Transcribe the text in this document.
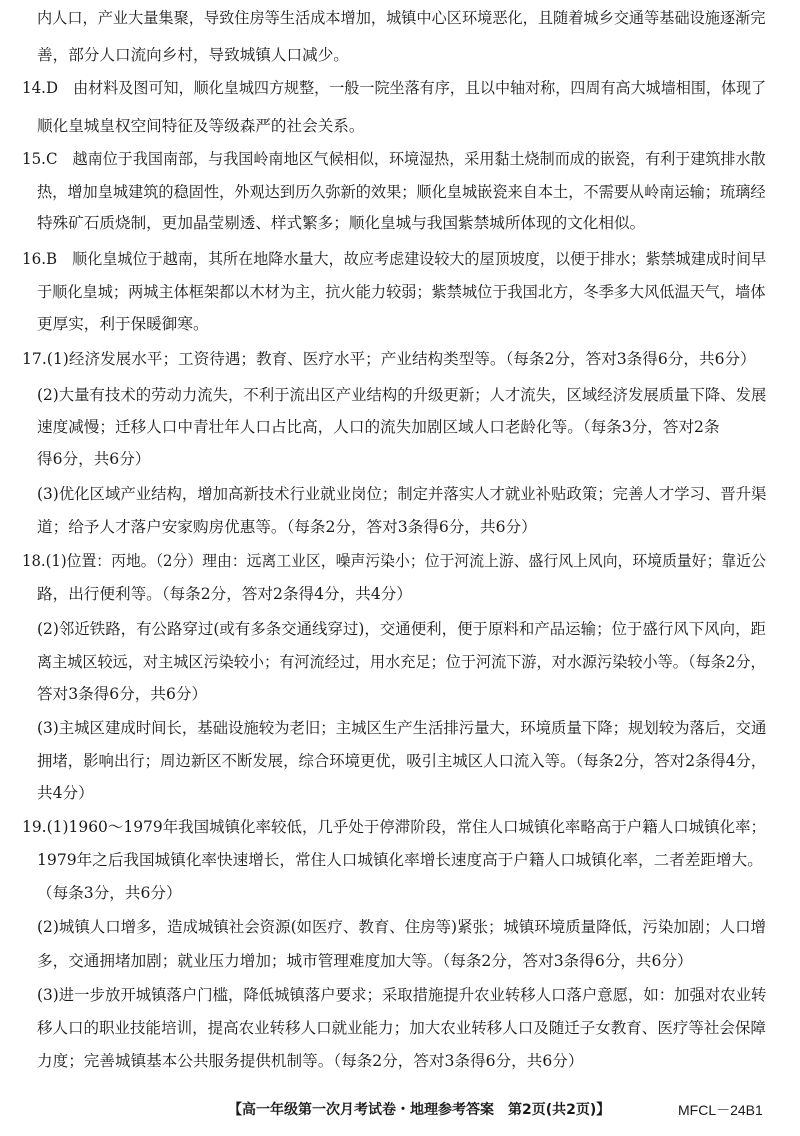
内人口，产业大量集聚，导致住房等生活成本增加，城镇中心区环境恶化，且随着城乡交通等基础设施逐渐完
善，部分人口流向乡村，导致城镇人口减少。
14.D　由材料及图可知，顺化皇城四方规整，一般一院坐落有序，且以中轴对称，四周有高大城墙相围，体现了
顺化皇城皇权空间特征及等级森严的社会关系。
15.C　越南位于我国南部，与我国岭南地区气候相似，环境湿热，采用黏土烧制而成的嵌瓷，有利于建筑排水散
热，增加皇城建筑的稳固性，外观达到历久弥新的效果；顺化皇城嵌瓷来自本土，不需要从岭南运输；琉璃经
特殊矿石质烧制，更加晶莹剔透、样式繁多；顺化皇城与我国紫禁城所体现的文化相似。
16.B　顺化皇城位于越南，其所在地降水量大，故应考虑建设较大的屋顶坡度，以便于排水；紫禁城建成时间早
于顺化皇城；两城主体框架都以木材为主，抗火能力较弱；紫禁城位于我国北方，冬季多大风低温天气，墙体
更厚实，利于保暖御寒。
17.(1)经济发展水平；工资待遇；教育、医疗水平；产业结构类型等。（每条2分，答对3条得6分，共6分）
(2)大量有技术的劳动力流失，不利于流出区产业结构的升级更新；人才流失，区域经济发展质量下降、发展
速度减慢；迁移人口中青壮年人口占比高，人口的流失加剧区域人口老龄化等。（每条3分，答对2条
得6分，共6分）
(3)优化区域产业结构，增加高新技术行业就业岗位；制定并落实人才就业补贴政策；完善人才学习、晋升渠
道；给予人才落户安家购房优惠等。（每条2分，答对3条得6分，共6分）
18.(1)位置：丙地。（2分）理由：远离工业区，噪声污染小；位于河流上游、盛行风上风向，环境质量好；靠近公
路，出行便利等。（每条2分，答对2条得4分，共4分）
(2)邻近铁路，有公路穿过(或有多条交通线穿过)，交通便利，便于原料和产品运输；位于盛行风下风向，距
离主城区较远，对主城区污染较小；有河流经过，用水充足；位于河流下游，对水源污染较小等。（每条2分，
答对3条得6分，共6分）
(3)主城区建成时间长，基础设施较为老旧；主城区生产生活排污量大，环境质量下降；规划较为落后，交通
拥堵，影响出行；周边新区不断发展，综合环境更优，吸引主城区人口流入等。（每条2分，答对2条得4分，
共4分）
19.(1)1960～1979年我国城镇化率较低，几乎处于停滞阶段，常住人口城镇化率略高于户籍人口城镇化率；
1979年之后我国城镇化率快速增长，常住人口城镇化率增长速度高于户籍人口城镇化率，二者差距增大。
（每条3分，共6分）
(2)城镇人口增多，造成城镇社会资源(如医疗、教育、住房等)紧张；城镇环境质量降低，污染加剧；人口增
多，交通拥堵加剧；就业压力增加；城市管理难度加大等。（每条2分，答对3条得6分，共6分）
(3)进一步放开城镇落户门槛，降低城镇落户要求；采取措施提升农业转移人口落户意愿，如：加强对农业转
移人口的职业技能培训，提高农业转移人口就业能力；加大农业转移人口及随迁子女教育、医疗等社会保障
力度；完善城镇基本公共服务提供机制等。（每条2分，答对3条得6分，共6分）
【高一年级第一次月考试卷・地理参考答案　第2页(共2页)】	MFCL－24B1
